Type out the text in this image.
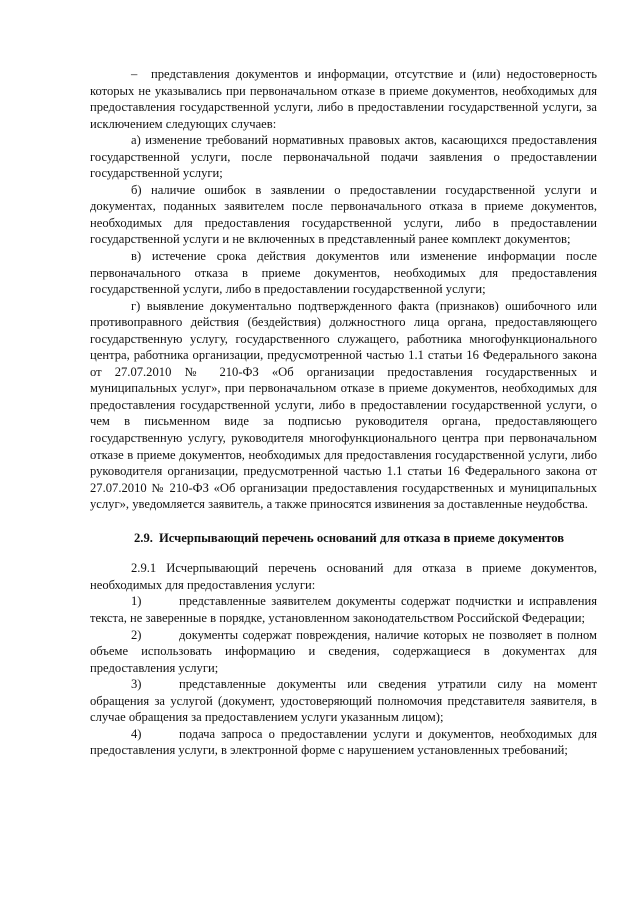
– представления документов и информации, отсутствие и (или) недостоверность которых не указывались при первоначальном отказе в приеме документов, необходимых для предоставления государственной услуги, либо в предоставлении государственной услуги, за исключением следующих случаев:

а) изменение требований нормативных правовых актов, касающихся предоставления государственной услуги, после первоначальной подачи заявления о предоставлении государственной услуги;

б) наличие ошибок в заявлении о предоставлении государственной услуги и документах, поданных заявителем после первоначального отказа в приеме документов, необходимых для предоставления государственной услуги, либо в предоставлении государственной услуги и не включенных в представленный ранее комплект документов;

в) истечение срока действия документов или изменение информации после первоначального отказа в приеме документов, необходимых для предоставления государственной услуги, либо в предоставлении государственной услуги;

г) выявление документально подтвержденного факта (признаков) ошибочного или противоправного действия (бездействия) должностного лица органа, предоставляющего государственную услугу, государственного служащего, работника многофункционального центра, работника организации, предусмотренной частью 1.1 статьи 16 Федерального закона от 27.07.2010 № 210-ФЗ «Об организации предоставления государственных и муниципальных услуг», при первоначальном отказе в приеме документов, необходимых для предоставления государственной услуги, либо в предоставлении государственной услуги, о чем в письменном виде за подписью руководителя органа, предоставляющего государственную услугу, руководителя многофункционального центра при первоначальном отказе в приеме документов, необходимых для предоставления государственной услуги, либо руководителя организации, предусмотренной частью 1.1 статьи 16 Федерального закона от 27.07.2010 № 210-ФЗ «Об организации предоставления государственных и муниципальных услуг», уведомляется заявитель, а также приносятся извинения за доставленные неудобства.

2.9. Исчерпывающий перечень оснований для отказа в приеме документов

2.9.1 Исчерпывающий перечень оснований для отказа в приеме документов, необходимых для предоставления услуги:

1)	представленные заявителем документы содержат подчистки и исправления текста, не заверенные в порядке, установленном законодательством Российской Федерации;

2)	документы содержат повреждения, наличие которых не позволяет в полном объеме использовать информацию и сведения, содержащиеся в документах для предоставления услуги;

3)	представленные документы или сведения утратили силу на момент обращения за услугой (документ, удостоверяющий полномочия представителя заявителя, в случае обращения за предоставлением услуги указанным лицом);

4)	подача запроса о предоставлении услуги и документов, необходимых для предоставления услуги, в электронной форме с нарушением установленных требований;
